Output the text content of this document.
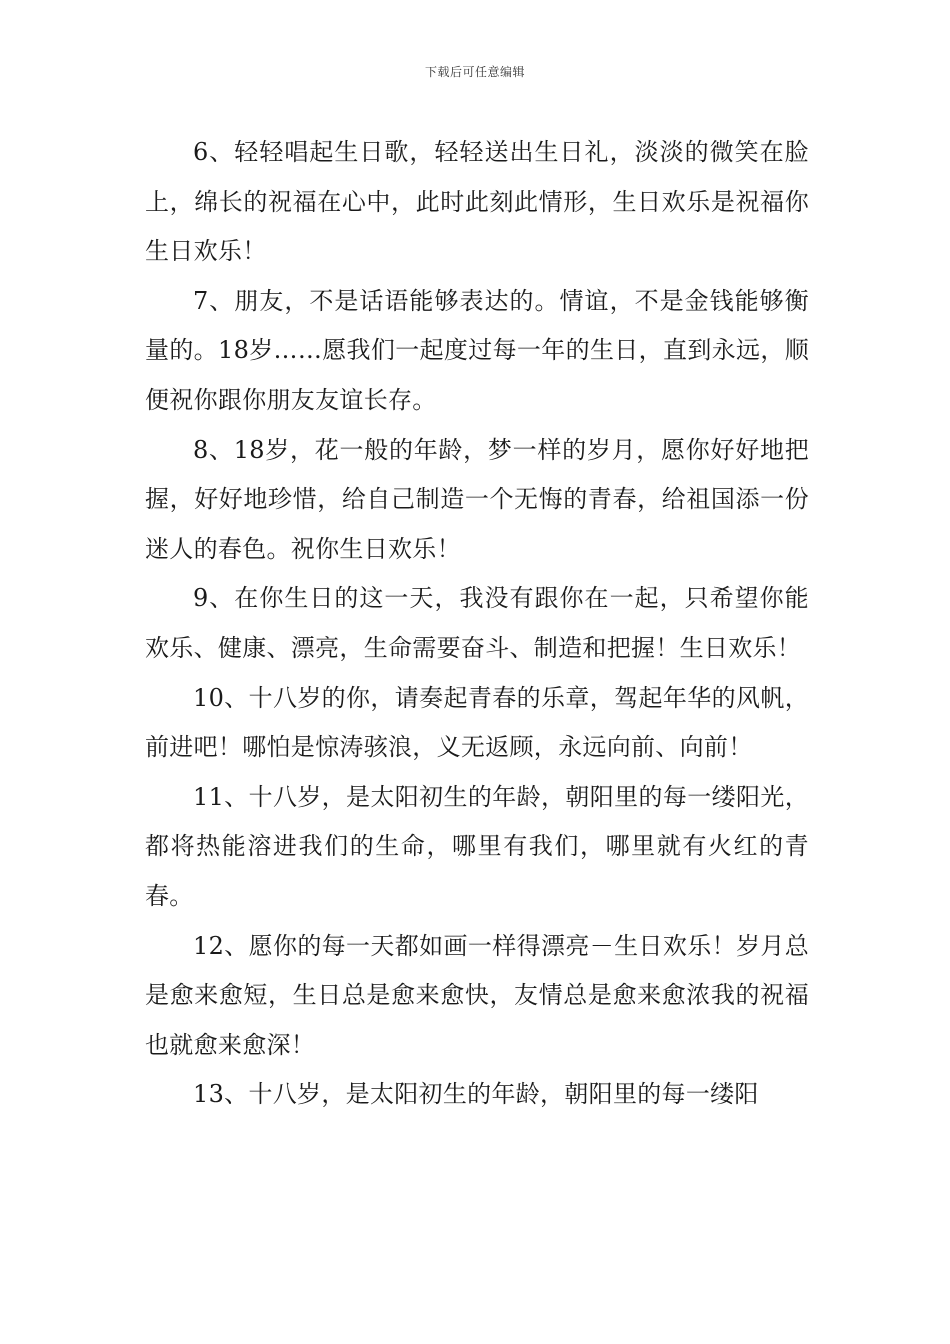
下载后可任意编辑

6、轻轻唱起生日歌，轻轻送出生日礼，淡淡的微笑在脸上，绵长的祝福在心中，此时此刻此情形，生日欢乐是祝福你生日欢乐！

7、朋友，不是话语能够表达的。情谊，不是金钱能够衡量的。18岁……愿我们一起度过每一年的生日，直到永远，顺便祝你跟你朋友友谊长存。

8、18岁，花一般的年龄，梦一样的岁月，愿你好好地把握，好好地珍惜，给自己制造一个无悔的青春，给祖国添一份迷人的春色。祝你生日欢乐！

9、在你生日的这一天，我没有跟你在一起，只希望你能欢乐、健康、漂亮，生命需要奋斗、制造和把握！生日欢乐！

10、十八岁的你，请奏起青春的乐章，驾起年华的风帆，前进吧！哪怕是惊涛骇浪，义无返顾，永远向前、向前！

11、十八岁，是太阳初生的年龄，朝阳里的每一缕阳光，都将热能溶进我们的生命，哪里有我们，哪里就有火红的青春。

12、愿你的每一天都如画一样得漂亮－生日欢乐！岁月总是愈来愈短，生日总是愈来愈快，友情总是愈来愈浓我的祝福也就愈来愈深！

13、十八岁，是太阳初生的年龄，朝阳里的每一缕阳
